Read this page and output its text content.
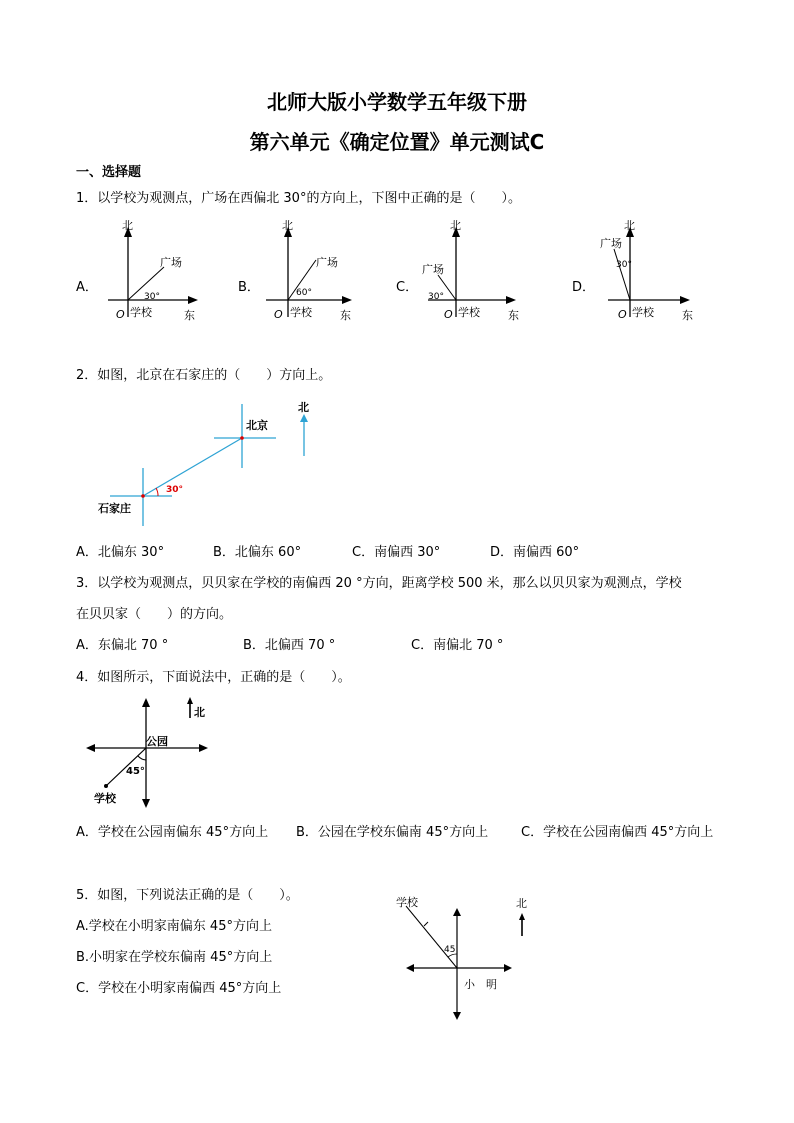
北师大版小学数学五年级下册
第六单元《确定位置》单元测试C
一、选择题
1．以学校为观测点，广场在西偏北 30°的方向上，下图中正确的是（　　）。
A．	B．	C．	D．
北
东
O 学校
广场
30°
北
东
O 学校
广场
60°
北
东
O 学校
广场
30°
北
东
O 学校
广场
30°
2．如图，北京在石家庄的（　　）方向上。
北
北京
石家庄
30°
A．北偏东 30°	B．北偏东 60°	C．南偏西 30°	D．南偏西 60°
3．以学校为观测点，贝贝家在学校的南偏西 20 °方向，距离学校 500 米，那么以贝贝家为观测点，学校
在贝贝家（　　）的方向。
A．东偏北 70 °	B．北偏西 70 °	C．南偏北 70 °
4．如图所示，下面说法中，正确的是（　　）。
北
公园
学校
45°
A．学校在公园南偏东 45°方向上 B．公园在学校东偏南 45°方向上	C．学校在公园南偏西 45°方向上
5．如图，下列说法正确的是（　　）。
A.学校在小明家南偏东 45°方向上
B.小明家在学校东偏南 45°方向上
C．学校在小明家南偏西 45°方向上
北
学校
45
小　明
